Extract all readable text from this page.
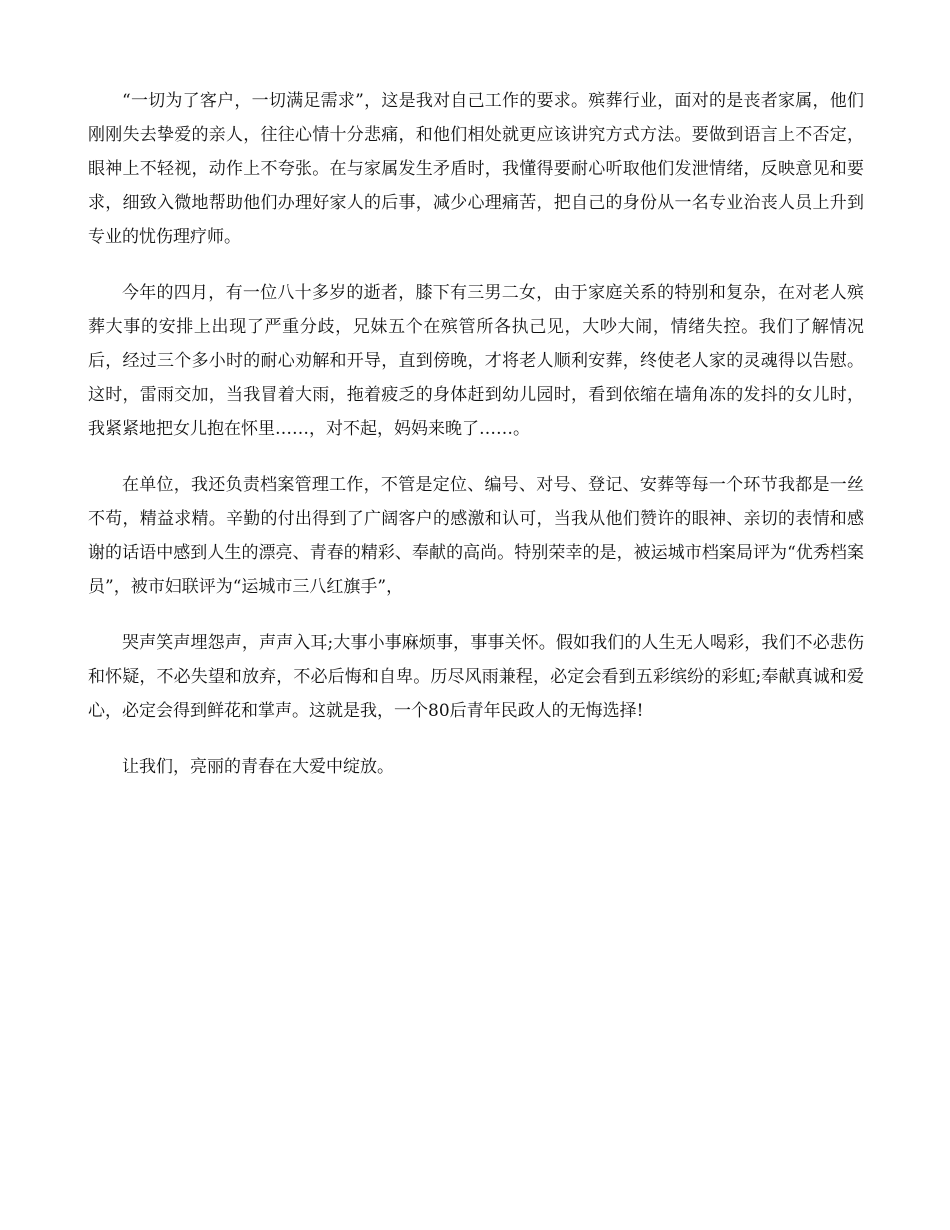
“一切为了客户，一切满足需求”，这是我对自己工作的要求。殡葬行业，面对的是丧者家属，他们刚刚失去挚爱的亲人，往往心情十分悲痛，和他们相处就更应该讲究方式方法。要做到语言上不否定，眼神上不轻视，动作上不夸张。在与家属发生矛盾时，我懂得要耐心听取他们发泄情绪，反映意见和要求，细致入微地帮助他们办理好家人的后事，减少心理痛苦，把自己的身份从一名专业治丧人员上升到专业的忧伤理疗师。

今年的四月，有一位八十多岁的逝者，膝下有三男二女，由于家庭关系的特别和复杂，在对老人殡葬大事的安排上出现了严重分歧，兄妹五个在殡管所各执己见，大吵大闹，情绪失控。我们了解情况后，经过三个多小时的耐心劝解和开导，直到傍晚，才将老人顺利安葬，终使老人家的灵魂得以告慰。这时，雷雨交加，当我冒着大雨，拖着疲乏的身体赶到幼儿园时，看到依缩在墙角冻的发抖的女儿时，我紧紧地把女儿抱在怀里……，对不起，妈妈来晚了……。

在单位，我还负责档案管理工作，不管是定位、编号、对号、登记、安葬等每一个环节我都是一丝不苟，精益求精。辛勤的付出得到了广阔客户的感激和认可，当我从他们赞许的眼神、亲切的表情和感谢的话语中感到人生的漂亮、青春的精彩、奉献的高尚。特别荣幸的是，被运城市档案局评为“优秀档案员”，被市妇联评为“运城市三八红旗手”，

哭声笑声埋怨声，声声入耳;大事小事麻烦事，事事关怀。假如我们的人生无人喝彩，我们不必悲伤和怀疑，不必失望和放弃，不必后悔和自卑。历尽风雨兼程，必定会看到五彩缤纷的彩虹;奉献真诚和爱心，必定会得到鲜花和掌声。这就是我，一个80后青年民政人的无悔选择!

让我们，亮丽的青春在大爱中绽放。
